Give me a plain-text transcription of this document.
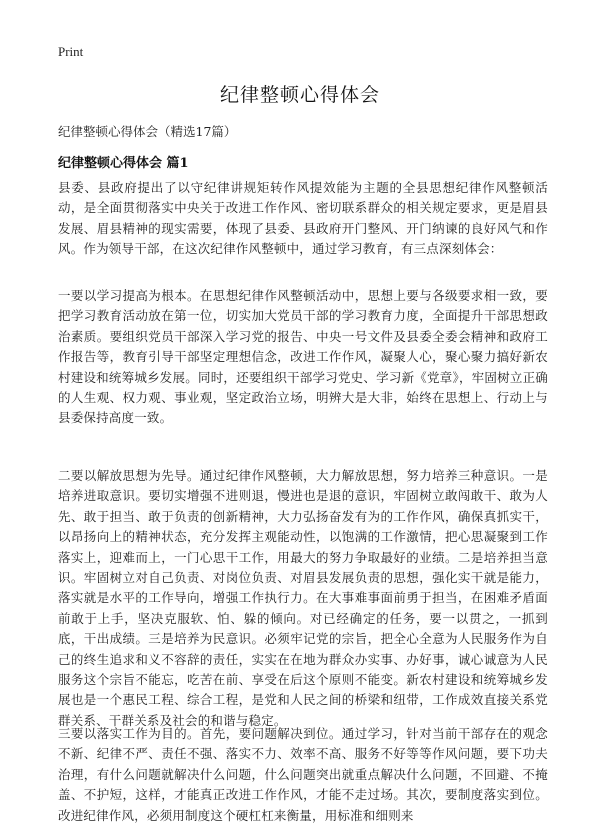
Print
纪律整顿心得体会
纪律整顿心得体会（精选17篇）
纪律整顿心得体会 篇1
县委、县政府提出了以守纪律讲规矩转作风提效能为主题的全县思想纪律作风整顿活动，是全面贯彻落实中央关于改进工作作风、密切联系群众的相关规定要求，更是眉县发展、眉县精神的现实需要，体现了县委、县政府开门整风、开门纳谏的良好风气和作风。作为领导干部，在这次纪律作风整顿中，通过学习教育，有三点深刻体会：
一要以学习提高为根本。在思想纪律作风整顿活动中，思想上要与各级要求相一致，要把学习教育活动放在第一位，切实加大党员干部的学习教育力度，全面提升干部思想政治素质。要组织党员干部深入学习党的报告、中央一号文件及县委全委会精神和政府工作报告等，教育引导干部坚定理想信念，改进工作作风，凝聚人心，聚心聚力搞好新农村建设和统筹城乡发展。同时，还要组织干部学习党史、学习新《党章》，牢固树立正确的人生观、权力观、事业观，坚定政治立场，明辨大是大非，始终在思想上、行动上与县委保持高度一致。
二要以解放思想为先导。通过纪律作风整顿，大力解放思想，努力培养三种意识。一是培养进取意识。要切实增强不进则退，慢进也是退的意识，牢固树立敢闯敢干、敢为人先、敢于担当、敢于负责的创新精神，大力弘扬奋发有为的工作作风，确保真抓实干，以昂扬向上的精神状态，充分发挥主观能动性，以饱满的工作激情，把心思凝聚到工作落实上，迎难而上，一门心思干工作，用最大的努力争取最好的业绩。二是培养担当意识。牢固树立对自己负责、对岗位负责、对眉县发展负责的思想，强化实干就是能力，落实就是水平的工作导向，增强工作执行力。在大事难事面前勇于担当，在困难矛盾面前敢于上手，坚决克服软、怕、躲的倾向。对已经确定的任务，要一以贯之，一抓到底，干出成绩。三是培养为民意识。必须牢记党的宗旨，把全心全意为人民服务作为自己的终生追求和义不容辞的责任，实实在在地为群众办实事、办好事，诚心诚意为人民服务这个宗旨不能忘，吃苦在前、享受在后这个原则不能变。新农村建设和统筹城乡发展也是一个惠民工程、综合工程，是党和人民之间的桥梁和纽带，工作成效直接关系党群关系、干群关系及社会的和谐与稳定。
三要以落实工作为目的。首先，要问题解决到位。通过学习，针对当前干部存在的观念不新、纪律不严、责任不强、落实不力、效率不高、服务不好等等作风问题，要下功夫治理，有什么问题就解决什么问题，什么问题突出就重点解决什么问题，不回避、不掩盖、不护短，这样，才能真正改进工作作风，才能不走过场。其次，要制度落实到位。改进纪律作风，必须用制度这个硬杠杠来衡量，用标准和细则来
